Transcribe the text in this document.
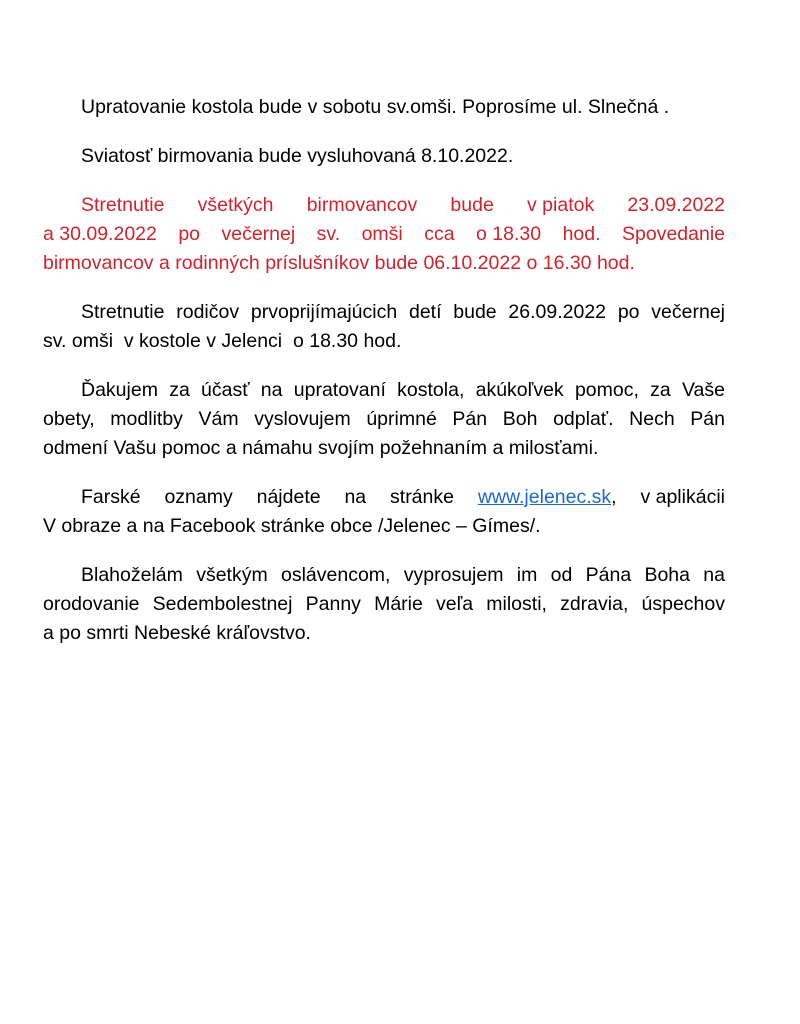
Upratovanie kostola bude v sobotu sv.omši. Poprosíme ul. Slnečná .
Sviatosť birmovania bude vysluhovaná 8.10.2022.
Stretnutie všetkých birmovancov bude v piatok 23.09.2022
a 30.09.2022 po večernej sv. omši cca o 18.30 hod. Spovedanie
birmovancov a rodinných príslušníkov bude 06.10.2022 o 16.30 hod.
Stretnutie rodičov prvoprijímajúcich detí bude 26.09.2022 po večernej
sv. omši  v kostole v Jelenci  o 18.30 hod.
Ďakujem za účasť na upratovaní kostola, akúkoľvek pomoc, za Vaše
obety, modlitby Vám vyslovujem úprimné Pán Boh odplať. Nech Pán
odmení Vašu pomoc a námahu svojím požehnaním a milosťami.
Farské oznamy nájdete na stránke www.jelenec.sk, v aplikácii
V obraze a na Facebook stránke obce /Jelenec – Gímes/.
Blahoželám všetkým oslávencom, vyprosujem im od Pána Boha na
orodovanie Sedembolestnej Panny Márie veľa milosti, zdravia, úspechov
a po smrti Nebeské kráľovstvo.
